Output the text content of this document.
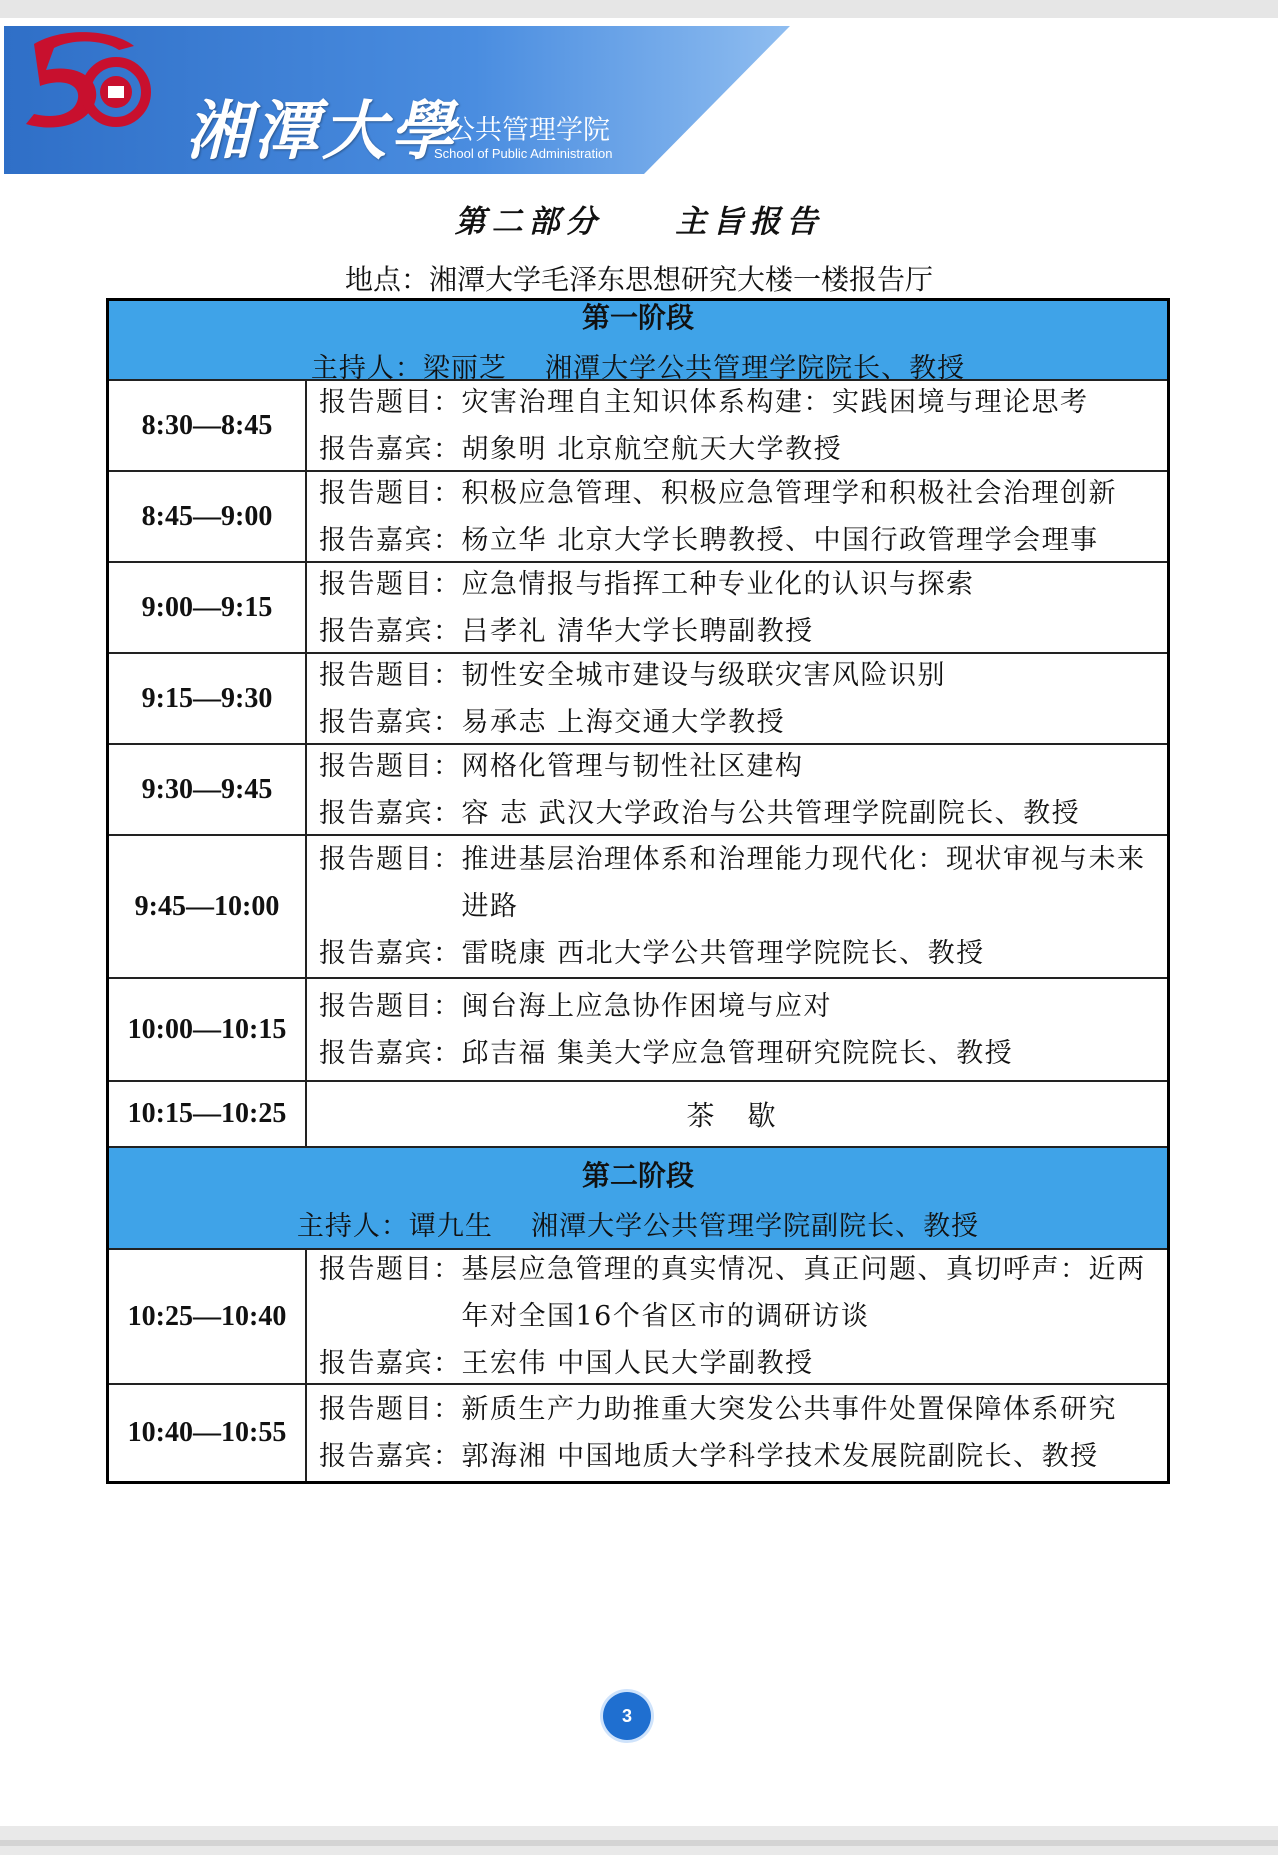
湘潭大學
公共管理学院
School of Public Administration
第二部分 主旨报告
地点：湘潭大学毛泽东思想研究大楼一楼报告厅
第一阶段
主持人：梁丽芝    湘潭大学公共管理学院院长、教授
8:30—8:45
报告题目： 灾害治理自主知识体系构建：实践困境与理论思考
报告嘉宾： 胡象明 北京航空航天大学教授
8:45—9:00
报告题目： 积极应急管理、积极应急管理学和积极社会治理创新
报告嘉宾： 杨立华 北京大学长聘教授、中国行政管理学会理事
9:00—9:15
报告题目： 应急情报与指挥工种专业化的认识与探索
报告嘉宾： 吕孝礼 清华大学长聘副教授
9:15—9:30
报告题目： 韧性安全城市建设与级联灾害风险识别
报告嘉宾： 易承志 上海交通大学教授
9:30—9:45
报告题目： 网格化管理与韧性社区建构
报告嘉宾： 容 志 武汉大学政治与公共管理学院副院长、教授
9:45—10:00
报告题目： 推进基层治理体系和治理能力现代化：现状审视与未来进路
报告嘉宾： 雷晓康 西北大学公共管理学院院长、教授
10:00—10:15
报告题目： 闽台海上应急协作困境与应对
报告嘉宾： 邱吉福 集美大学应急管理研究院院长、教授
10:15—10:25	茶 歇
第二阶段
主持人：谭九生    湘潭大学公共管理学院副院长、教授
10:25—10:40
报告题目： 基层应急管理的真实情况、真正问题、真切呼声：近两年对全国16个省区市的调研访谈
报告嘉宾： 王宏伟 中国人民大学副教授
10:40—10:55
报告题目： 新质生产力助推重大突发公共事件处置保障体系研究
报告嘉宾： 郭海湘 中国地质大学科学技术发展院副院长、教授
3
